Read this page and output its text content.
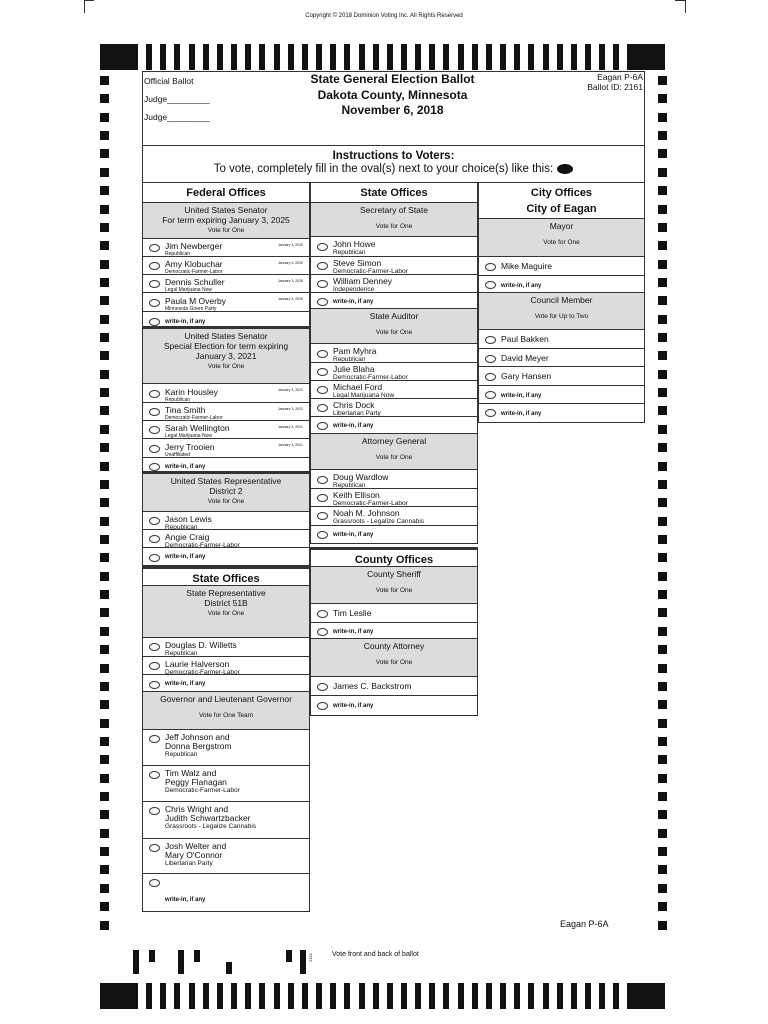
Copyright © 2018 Dominion Voting Inc. All Rights Reserved
Official Ballot
Judge_________
Judge_________
State General Election Ballot
Dakota County, Minnesota
November 6, 2018
Eagan P-6A
Ballot ID: 2161
Instructions to Voters:
To vote, completely fill in the oval(s) next to your choice(s) like this:
Federal Offices
United States Senator
For term expiring January 3, 2025
Vote for One
January 3, 2025
Jim Newberger
Republican
January 3, 2025
Amy Klobuchar
Democratic-Farmer-Labor
January 3, 2025
Dennis Schuller
Legal Marijuana Now
January 3, 2025
Paula M Overby
Minnesota Green Party
write-in, if any
United States Senator
Special Election for term expiring
January 3, 2021
Vote for One
January 3, 2021
Karin Housley
Republican
January 3, 2021
Tina Smith
Democratic-Farmer-Labor
January 3, 2021
Sarah Wellington
Legal Marijuana Now
January 3, 2021
Jerry Trooien
Unaffiliated
write-in, if any
United States Representative
District 2
Vote for One
Jason Lewis
Republican
Angie Craig
Democratic-Farmer-Labor
write-in, if any
State Offices
State Representative
District 51B
Vote for One
Douglas D. Willetts
Republican
Laurie Halverson
Democratic-Farmer-Labor
write-in, if any
Governor and Lieutenant Governor
Vote for One Team
Jeff Johnson and
Donna Bergstrom
Republican
Tim Walz and
Peggy Flanagan
Democratic-Farmer-Labor
Chris Wright and
Judith Schwartzbacker
Grassroots - Legalize Cannabis
Josh Welter and
Mary O'Connor
Libertarian Party
write-in, if any
State Offices
Secretary of State
Vote for One
John Howe
Republican
Steve Simon
Democratic-Farmer-Labor
William Denney
Independence
write-in, if any
State Auditor
Vote for One
Pam Myhra
Republican
Julie Blaha
Democratic-Farmer-Labor
Michael Ford
Legal Marijuana Now
Chris Dock
Libertarian Party
write-in, if any
Attorney General
Vote for One
Doug Wardlow
Republican
Keith Ellison
Democratic-Farmer-Labor
Noah M. Johnson
Grassroots - Legalize Cannabis
write-in, if any
County Offices
County Sheriff
Vote for One
Tim Leslie
write-in, if any
County Attorney
Vote for One
James C. Backstrom
write-in, if any
City Offices
City of Eagan
Mayor
Vote for One
Mike Maguire
write-in, if any
Council Member
Vote for Up to Two
Paul Bakken
David Meyer
Gary Hansen
write-in, if any
write-in, if any
Eagan P-6A
Vote front and back of ballot
2161
